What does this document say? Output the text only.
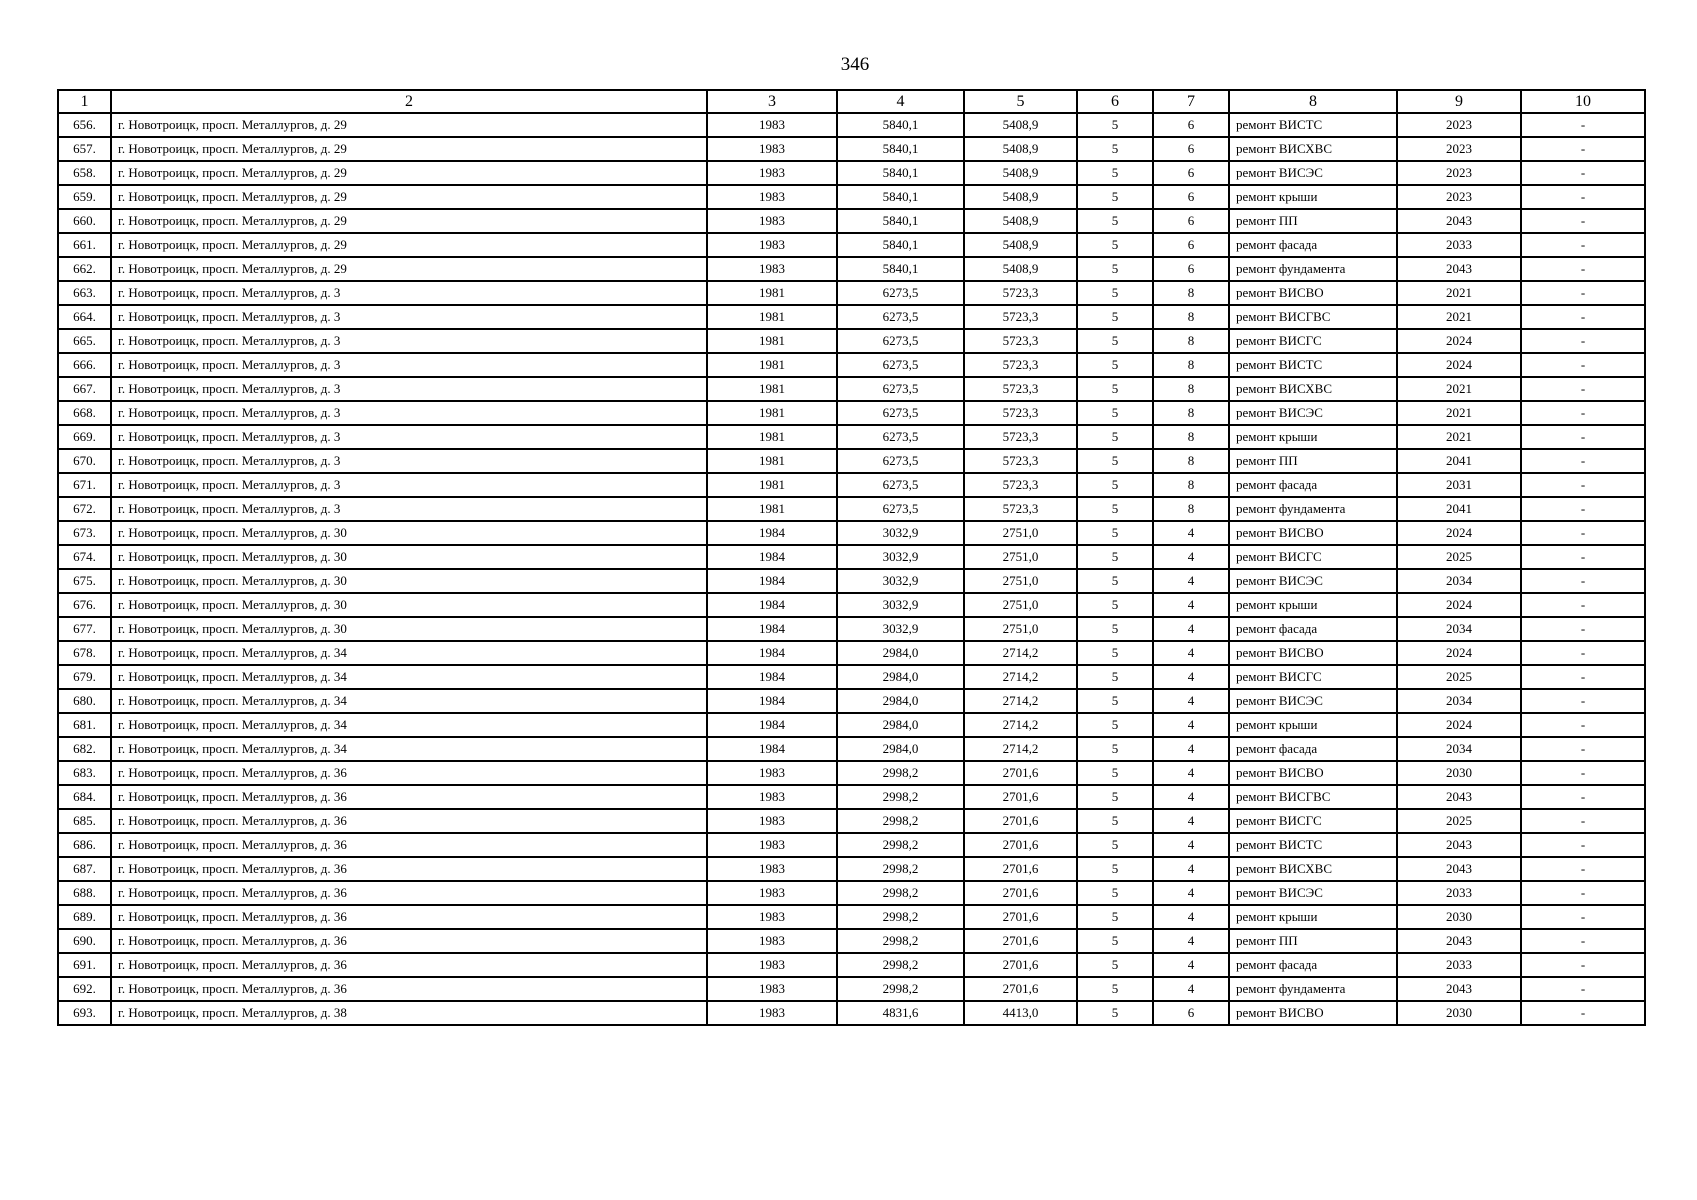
346
1	2	3	4	5	6	7	8	9	10
656.	г. Новотроицк, просп. Металлургов, д. 29	1983	5840,1	5408,9	5	6	ремонт ВИСТС	2023	-
657.	г. Новотроицк, просп. Металлургов, д. 29	1983	5840,1	5408,9	5	6	ремонт ВИСХВС	2023	-
658.	г. Новотроицк, просп. Металлургов, д. 29	1983	5840,1	5408,9	5	6	ремонт ВИСЭС	2023	-
659.	г. Новотроицк, просп. Металлургов, д. 29	1983	5840,1	5408,9	5	6	ремонт крыши	2023	-
660.	г. Новотроицк, просп. Металлургов, д. 29	1983	5840,1	5408,9	5	6	ремонт ПП	2043	-
661.	г. Новотроицк, просп. Металлургов, д. 29	1983	5840,1	5408,9	5	6	ремонт фасада	2033	-
662.	г. Новотроицк, просп. Металлургов, д. 29	1983	5840,1	5408,9	5	6	ремонт фундамента	2043	-
663.	г. Новотроицк, просп. Металлургов, д. 3	1981	6273,5	5723,3	5	8	ремонт ВИСВО	2021	-
664.	г. Новотроицк, просп. Металлургов, д. 3	1981	6273,5	5723,3	5	8	ремонт ВИСГВС	2021	-
665.	г. Новотроицк, просп. Металлургов, д. 3	1981	6273,5	5723,3	5	8	ремонт ВИСГС	2024	-
666.	г. Новотроицк, просп. Металлургов, д. 3	1981	6273,5	5723,3	5	8	ремонт ВИСТС	2024	-
667.	г. Новотроицк, просп. Металлургов, д. 3	1981	6273,5	5723,3	5	8	ремонт ВИСХВС	2021	-
668.	г. Новотроицк, просп. Металлургов, д. 3	1981	6273,5	5723,3	5	8	ремонт ВИСЭС	2021	-
669.	г. Новотроицк, просп. Металлургов, д. 3	1981	6273,5	5723,3	5	8	ремонт крыши	2021	-
670.	г. Новотроицк, просп. Металлургов, д. 3	1981	6273,5	5723,3	5	8	ремонт ПП	2041	-
671.	г. Новотроицк, просп. Металлургов, д. 3	1981	6273,5	5723,3	5	8	ремонт фасада	2031	-
672.	г. Новотроицк, просп. Металлургов, д. 3	1981	6273,5	5723,3	5	8	ремонт фундамента	2041	-
673.	г. Новотроицк, просп. Металлургов, д. 30	1984	3032,9	2751,0	5	4	ремонт ВИСВО	2024	-
674.	г. Новотроицк, просп. Металлургов, д. 30	1984	3032,9	2751,0	5	4	ремонт ВИСГС	2025	-
675.	г. Новотроицк, просп. Металлургов, д. 30	1984	3032,9	2751,0	5	4	ремонт ВИСЭС	2034	-
676.	г. Новотроицк, просп. Металлургов, д. 30	1984	3032,9	2751,0	5	4	ремонт крыши	2024	-
677.	г. Новотроицк, просп. Металлургов, д. 30	1984	3032,9	2751,0	5	4	ремонт фасада	2034	-
678.	г. Новотроицк, просп. Металлургов, д. 34	1984	2984,0	2714,2	5	4	ремонт ВИСВО	2024	-
679.	г. Новотроицк, просп. Металлургов, д. 34	1984	2984,0	2714,2	5	4	ремонт ВИСГС	2025	-
680.	г. Новотроицк, просп. Металлургов, д. 34	1984	2984,0	2714,2	5	4	ремонт ВИСЭС	2034	-
681.	г. Новотроицк, просп. Металлургов, д. 34	1984	2984,0	2714,2	5	4	ремонт крыши	2024	-
682.	г. Новотроицк, просп. Металлургов, д. 34	1984	2984,0	2714,2	5	4	ремонт фасада	2034	-
683.	г. Новотроицк, просп. Металлургов, д. 36	1983	2998,2	2701,6	5	4	ремонт ВИСВО	2030	-
684.	г. Новотроицк, просп. Металлургов, д. 36	1983	2998,2	2701,6	5	4	ремонт ВИСГВС	2043	-
685.	г. Новотроицк, просп. Металлургов, д. 36	1983	2998,2	2701,6	5	4	ремонт ВИСГС	2025	-
686.	г. Новотроицк, просп. Металлургов, д. 36	1983	2998,2	2701,6	5	4	ремонт ВИСТС	2043	-
687.	г. Новотроицк, просп. Металлургов, д. 36	1983	2998,2	2701,6	5	4	ремонт ВИСХВС	2043	-
688.	г. Новотроицк, просп. Металлургов, д. 36	1983	2998,2	2701,6	5	4	ремонт ВИСЭС	2033	-
689.	г. Новотроицк, просп. Металлургов, д. 36	1983	2998,2	2701,6	5	4	ремонт крыши	2030	-
690.	г. Новотроицк, просп. Металлургов, д. 36	1983	2998,2	2701,6	5	4	ремонт ПП	2043	-
691.	г. Новотроицк, просп. Металлургов, д. 36	1983	2998,2	2701,6	5	4	ремонт фасада	2033	-
692.	г. Новотроицк, просп. Металлургов, д. 36	1983	2998,2	2701,6	5	4	ремонт фундамента	2043	-
693.	г. Новотроицк, просп. Металлургов, д. 38	1983	4831,6	4413,0	5	6	ремонт ВИСВО	2030	-
